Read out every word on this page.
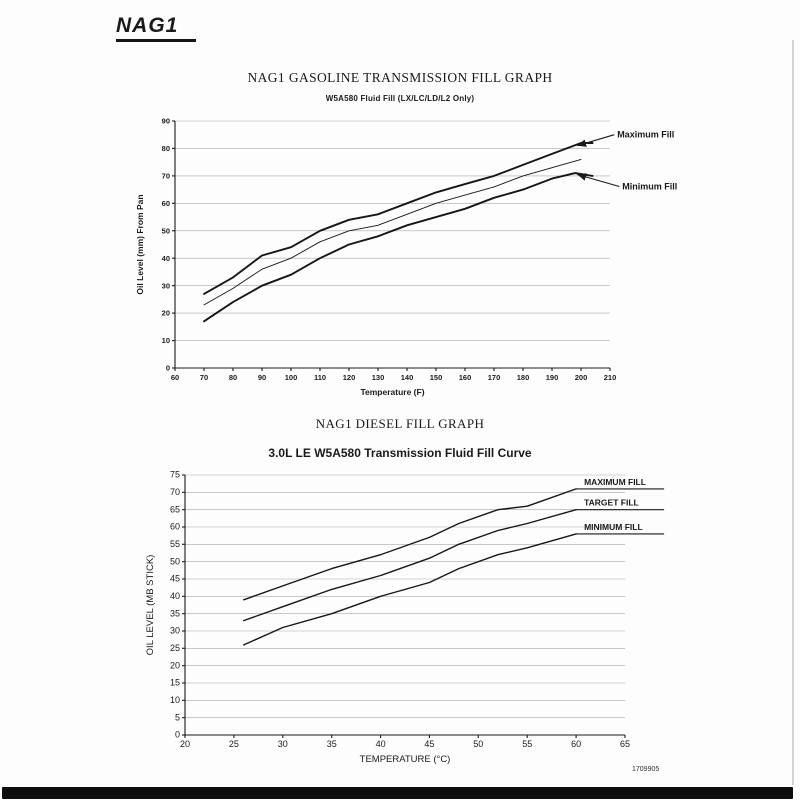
NAG1
NAG1 GASOLINE TRANSMISSION FILL GRAPH
W5A580 Fluid Fill (LX/LC/LD/L2 Only)
60	70	80	90 100 110 120 130 140 150 160 170 180 190 200 210
0
10
20
30
40
50
60
70
80
90
Maximum Fill
Minimum Fill
Temperature (F)
Oil Level (mm) From Pan
NAG1 DIESEL FILL GRAPH
3.0L LE W5A580 Transmission Fluid Fill Curve
20	25	30	35	40	45	50	55	60	65
0
5
10
15
20
25
30
35
40
45
50
55
60
65
70
75
MAXIMUM FILL
TARGET FILL
MINIMUM FILL
TEMPERATURE (°C)
OIL LEVEL (MB STICK)
1709905
